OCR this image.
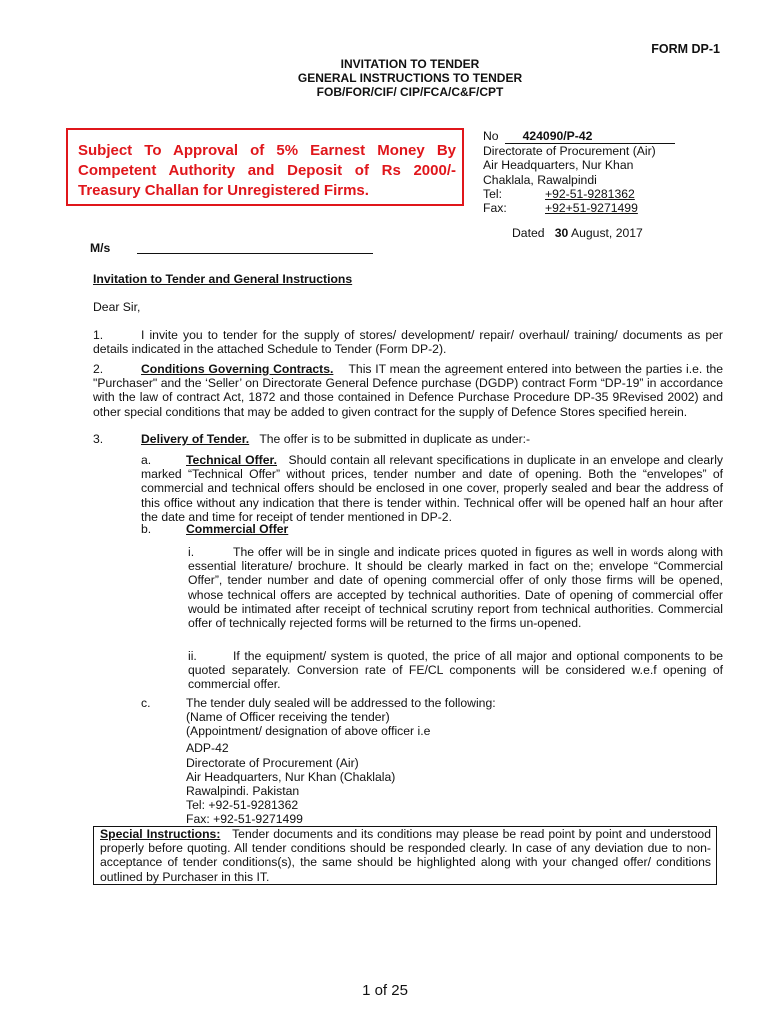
FORM DP-1
INVITATION TO TENDER
GENERAL INSTRUCTIONS TO TENDER
FOB/FOR/CIF/ CIP/FCA/C&F/CPT
Subject To Approval of 5% Earnest Money By Competent Authority and Deposit of Rs 2000/- Treasury Challan for Unregistered Firms.
No	424090/P-42
Directorate of Procurement (Air)
Air Headquarters, Nur Khan
Chaklala, Rawalpindi
Tel:	+92-51-9281362
Fax:	+92+51-9271499
Dated 30 August, 2017
M/s
Invitation to Tender and General Instructions
Dear Sir,
1.	I invite you to tender for the supply of stores/ development/ repair/ overhaul/ training/ documents as per details indicated in the attached Schedule to Tender (Form DP-2).
2.	Conditions Governing Contracts. This IT mean the agreement entered into between the parties i.e. the "Purchaser" and the ‘Seller’ on Directorate General Defence purchase (DGDP) contract Form “DP-19” in accordance with the law of contract Act, 1872 and those contained in Defence Purchase Procedure DP-35 9Revised 2002) and other special conditions that may be added to given contract for the supply of Defence Stores specified herein.
3.	Delivery of Tender. The offer is to be submitted in duplicate as under:-
a.	Technical Offer. Should contain all relevant specifications in duplicate in an envelope and clearly marked “Technical Offer” without prices, tender number and date of opening. Both the “envelopes” of commercial and technical offers should be enclosed in one cover, properly sealed and bear the address of this office without any indication that there is tender within. Technical offer will be opened half an hour after the date and time for receipt of tender mentioned in DP-2.
b.	Commercial Offer
i.	The offer will be in single and indicate prices quoted in figures as well in words along with essential literature/ brochure. It should be clearly marked in fact on the; envelope “Commercial Offer”, tender number and date of opening commercial offer of only those firms will be opened, whose technical offers are accepted by technical authorities. Date of opening of commercial offer would be intimated after receipt of technical scrutiny report from technical authorities. Commercial offer of technically rejected forms will be returned to the firms un-opened.
ii.	If the equipment/ system is quoted, the price of all major and optional components to be quoted separately. Conversion rate of FE/CL components will be considered w.e.f opening of commercial offer.
c.	The tender duly sealed will be addressed to the following:
(Name of Officer receiving the tender)
(Appointment/ designation of above officer i.e
ADP-42
Directorate of Procurement (Air)
Air Headquarters, Nur Khan (Chaklala)
Rawalpindi. Pakistan
Tel: +92-51-9281362
Fax: +92-51-9271499
Special Instructions: Tender documents and its conditions may please be read point by point and understood properly before quoting. All tender conditions should be responded clearly. In case of any deviation due to non-acceptance of tender conditions(s), the same should be highlighted along with your changed offer/ conditions outlined by Purchaser in this IT.
1 of 25
